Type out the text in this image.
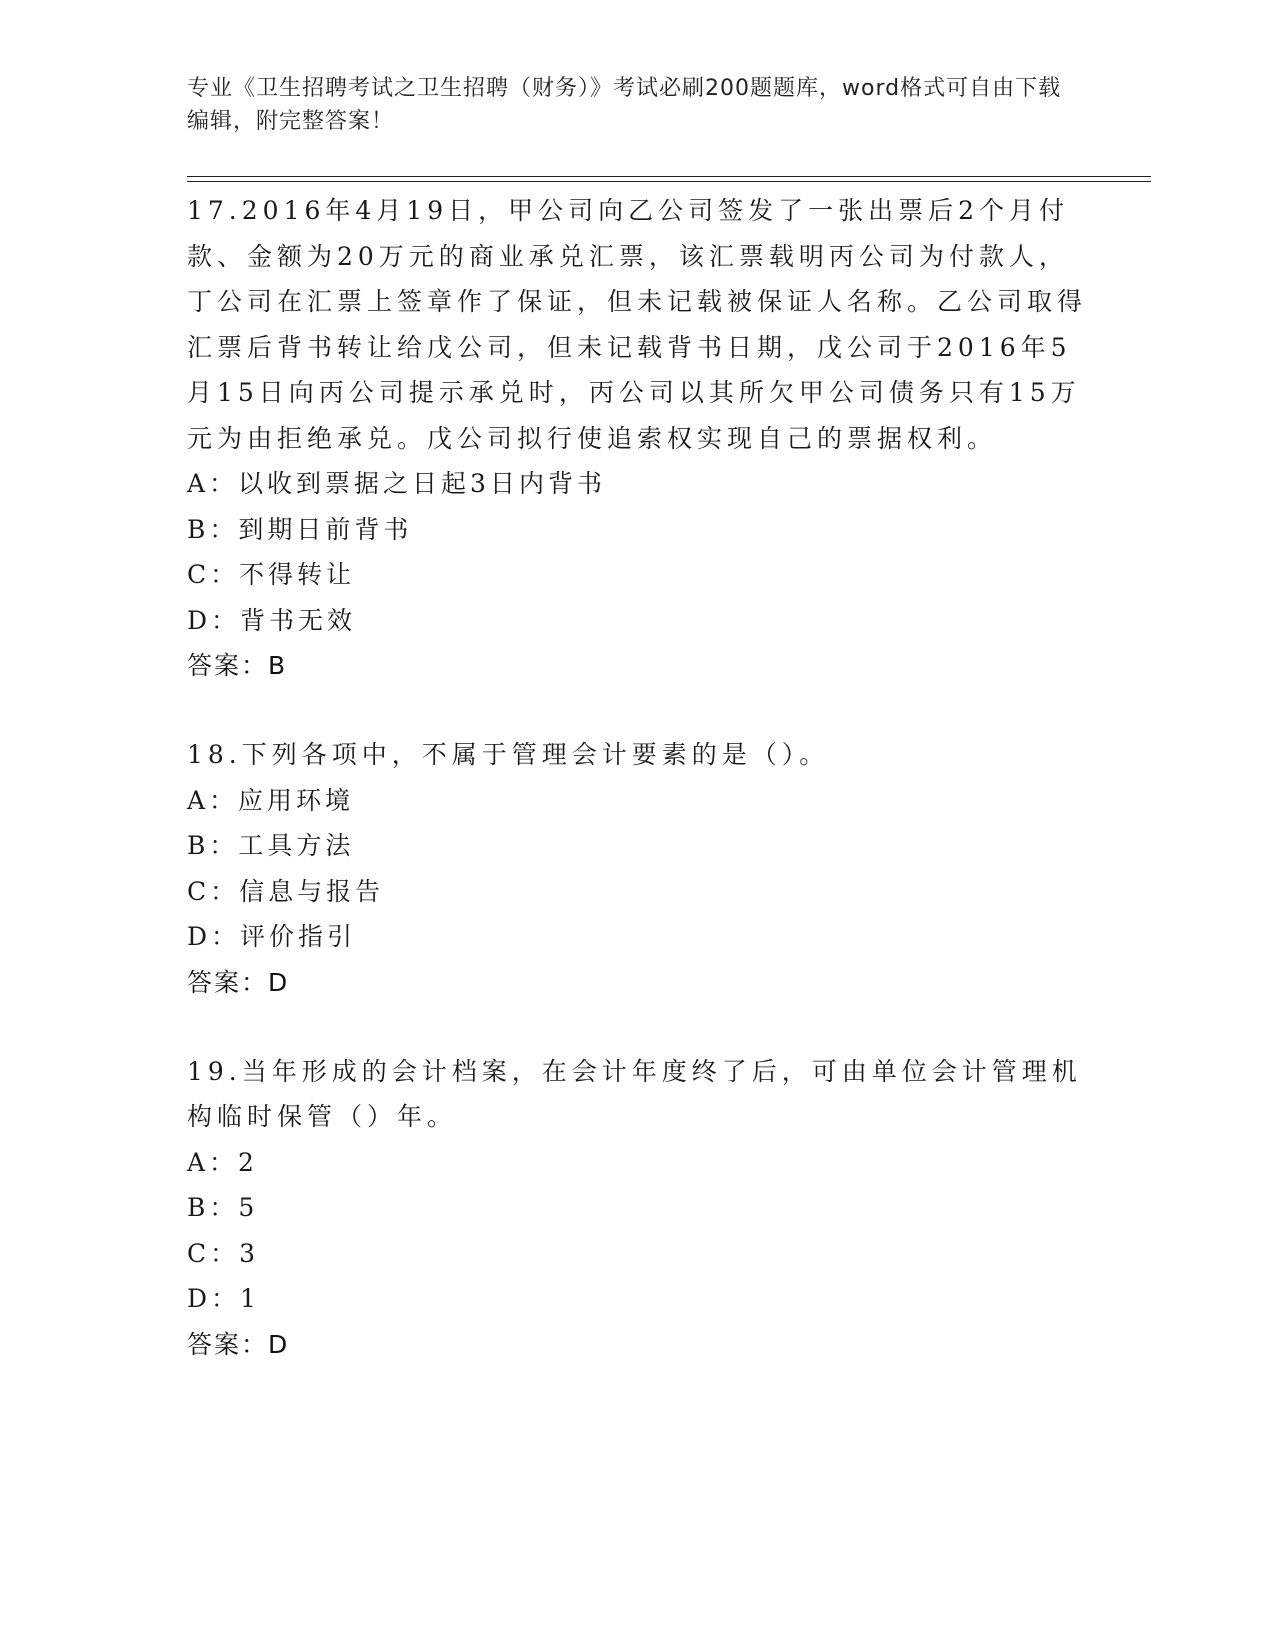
专业《卫生招聘考试之卫生招聘（财务）》考试必刷200题题库，word格式可自由下载编辑，附完整答案！
17.2016年4月19日，甲公司向乙公司签发了一张出票后2个月付款、金额为20万元的商业承兑汇票，该汇票载明丙公司为付款人，丁公司在汇票上签章作了保证，但未记载被保证人名称。乙公司取得汇票后背书转让给戊公司，但未记载背书日期，戊公司于2016年5月15日向丙公司提示承兑时，丙公司以其所欠甲公司债务只有15万元为由拒绝承兑。戊公司拟行使追索权实现自己的票据权利。
A：以收到票据之日起3日内背书
B：到期日前背书
C：不得转让
D：背书无效
答案：B
18.下列各项中，不属于管理会计要素的是（）。
A：应用环境
B：工具方法
C：信息与报告
D：评价指引
答案：D
19.当年形成的会计档案，在会计年度终了后，可由单位会计管理机构临时保管（）年。
A：2
B：5
C：3
D：1
答案：D
